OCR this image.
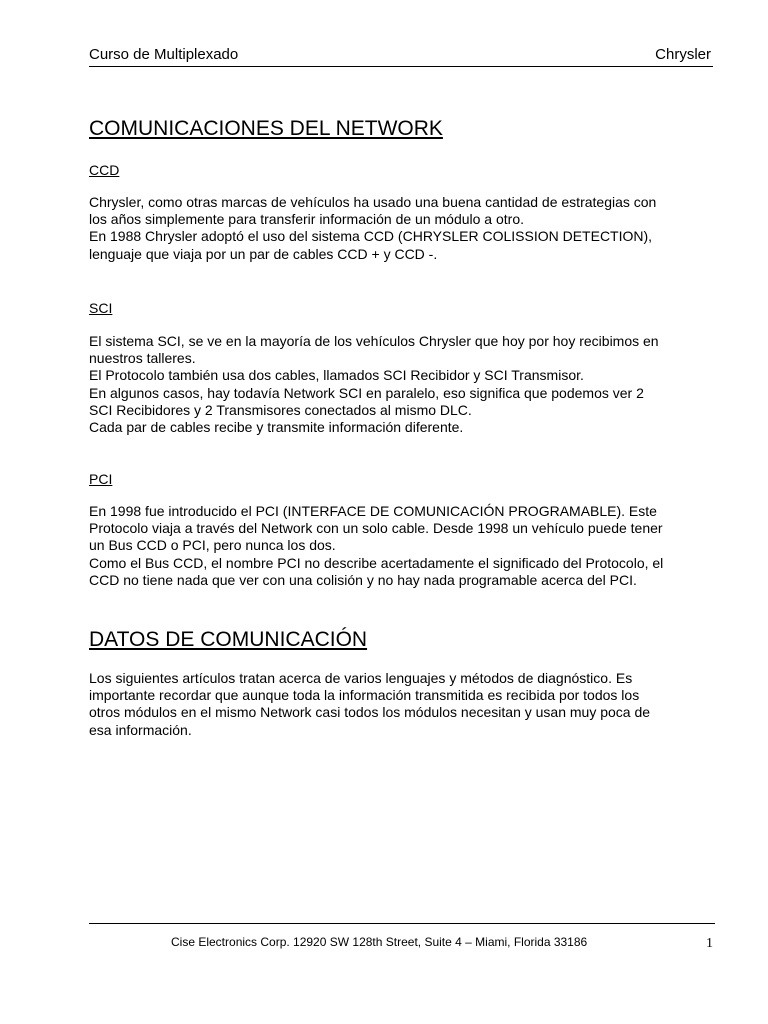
Curso de Multiplexado	Chrysler
COMUNICACIONES DEL NETWORK
CCD
Chrysler, como otras marcas de vehículos ha usado una buena cantidad de estrategias con
los años simplemente para transferir información de un módulo a otro.
En 1988 Chrysler adoptó el uso del sistema CCD (CHRYSLER COLISSION DETECTION),
lenguaje que viaja por un par de cables CCD + y CCD -.
SCI
El sistema SCI, se ve en la mayoría de los vehículos Chrysler que hoy por hoy recibimos en
nuestros talleres.
El Protocolo también usa dos cables, llamados SCI Recibidor y SCI Transmisor.
En algunos casos, hay todavía Network SCI en paralelo, eso significa que podemos ver 2
SCI Recibidores y 2 Transmisores conectados al mismo DLC.
Cada par de cables recibe y transmite información diferente.
PCI
En 1998 fue introducido el PCI (INTERFACE DE COMUNICACIÓN PROGRAMABLE). Este
Protocolo viaja a través del Network con un solo cable. Desde 1998 un vehículo puede tener
un Bus CCD o PCI, pero nunca los dos.
Como el Bus CCD, el nombre PCI no describe acertadamente el significado del Protocolo, el
CCD no tiene nada que ver con una colisión y no hay nada programable acerca del PCI.
DATOS DE COMUNICACIÓN
Los siguientes artículos tratan acerca de varios lenguajes y métodos de diagnóstico. Es
importante recordar que aunque toda la información transmitida es recibida por todos los
otros módulos en el mismo Network casi todos los módulos necesitan y usan muy poca de
esa información.
Cise Electronics Corp. 12920 SW 128th Street, Suite 4 – Miami, Florida 33186	1
